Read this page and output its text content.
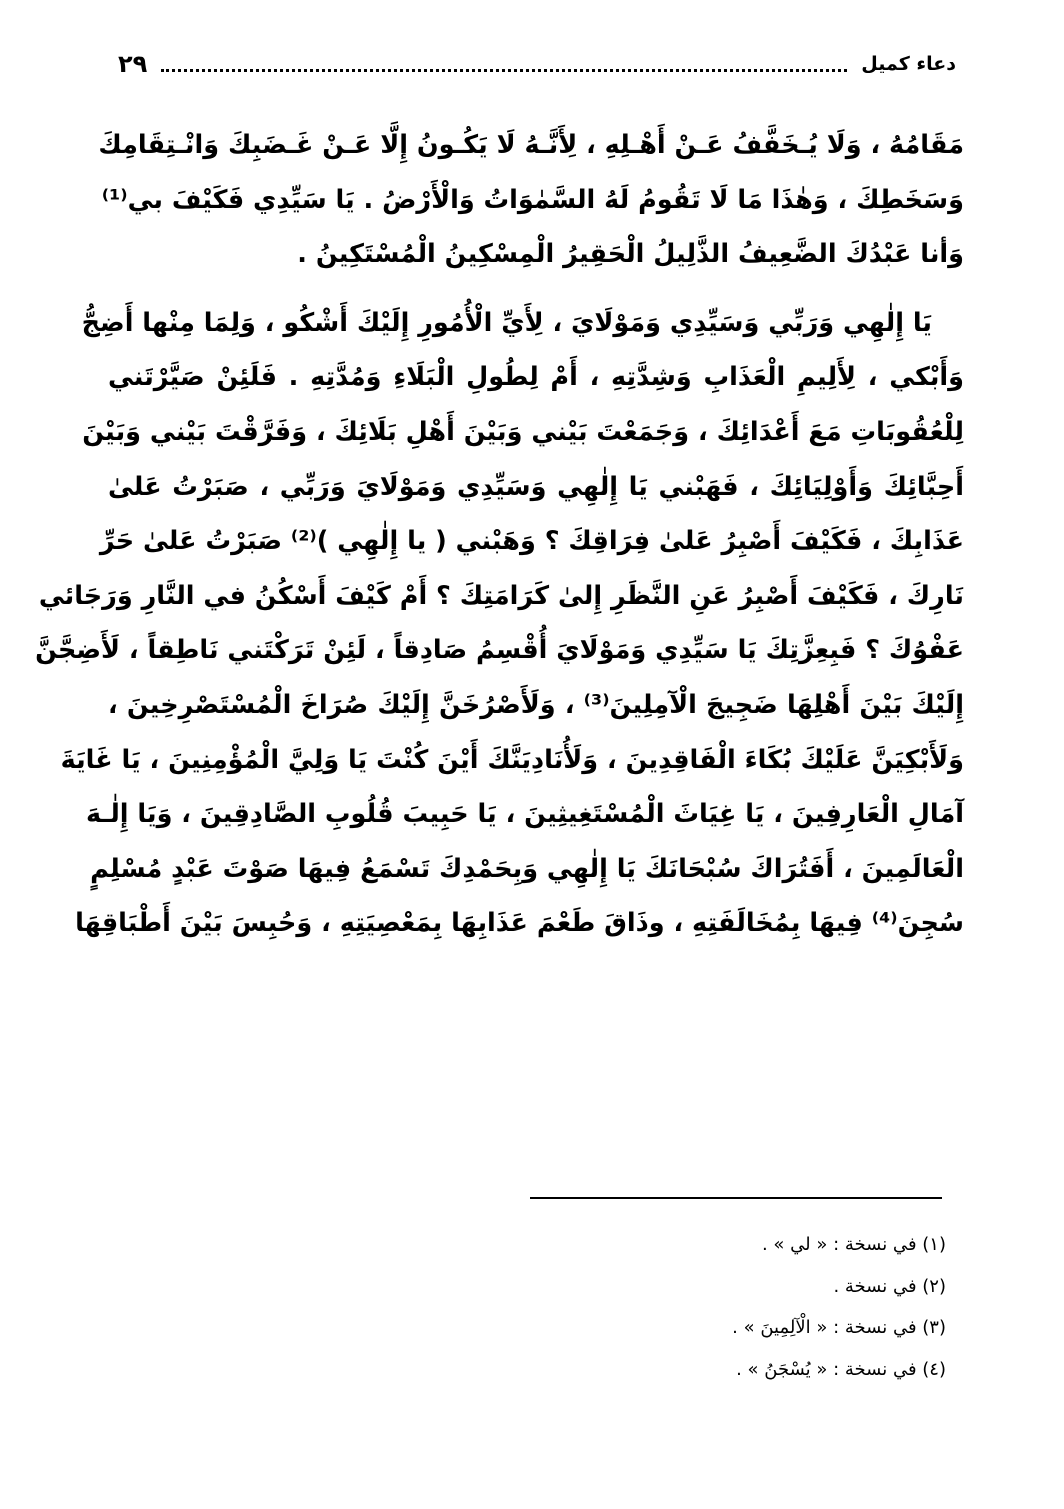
دعاء كميل
٢٩
مَقَامُهُ ، وَلَا يُـخَفَّفُ عَـنْ أَهْـلِهِ ، لِأَنَّـهُ لَا يَكُـونُ إِلَّا عَـنْ غَـضَبِكَ وَانْـتِقَامِكَ
وَسَخَطِكَ ، وَهٰذَا مَا لَا تَقُومُ لَهُ السَّمٰوَاتُ وَالْأَرْضُ . يَا سَيِّدِي فَكَيْفَ بي⁽¹⁾
وَأنا عَبْدُكَ الضَّعِيفُ الذَّلِيلُ الْحَقِيرُ الْمِسْكِينُ الْمُسْتَكِينُ .
يَا إِلٰهِي وَرَبِّي وَسَيِّدِي وَمَوْلَايَ ، لِأَيِّ الْأُمُورِ إِلَيْكَ أَشْكُو ، وَلِمَا مِنْها أَضِجُّ
وَأَبْكي ، لِأَلِيمِ الْعَذَابِ وَشِدَّتِهِ ، أَمْ لِطُولِ الْبَلَاءِ وَمُدَّتِهِ . فَلَئِنْ صَيَّرْتَني
لِلْعُقُوبَاتِ مَعَ أَعْدَائِكَ ، وَجَمَعْتَ بَيْني وَبَيْنَ أَهْلِ بَلَائِكَ ، وَفَرَّقْتَ بَيْني وَبَيْنَ
أَحِبَّائِكَ وَأَوْلِيَائِكَ ، فَهَبْني يَا إِلٰهِي وَسَيِّدِي وَمَوْلَايَ وَرَبِّي ، صَبَرْتُ عَلىٰ
عَذَابِكَ ، فَكَيْفَ أَصْبِرُ عَلىٰ فِرَاقِكَ ؟ وَهَبْني ( يا إِلٰهِي )⁽²⁾ صَبَرْتُ عَلىٰ حَرِّ
نَارِكَ ، فَكَيْفَ أَصْبِرُ عَنِ النَّظَرِ إِلىٰ كَرَامَتِكَ ؟ أَمْ كَيْفَ أَسْكُنُ في النَّارِ وَرَجَائي
عَفْوُكَ ؟ فَبِعِزَّتِكَ يَا سَيِّدِي وَمَوْلَايَ أُقْسِمُ صَادِقاً ، لَئِنْ تَرَكْتَني نَاطِقاً ، لَأَضِجَّنَّ
إِلَيْكَ بَيْنَ أَهْلِهَا ضَجِيجَ الْآمِلِينَ⁽³⁾ ، وَلَأَصْرُخَنَّ إِلَيْكَ صُرَاخَ الْمُسْتَصْرِخِينَ ،
وَلَأَبْكِيَنَّ عَلَيْكَ بُكَاءَ الْفَاقِدِينَ ، وَلَأُنَادِيَنَّكَ أَيْنَ كُنْتَ يَا وَلِيَّ الْمُؤْمِنِينَ ، يَا غَايَةَ
آمَالِ الْعَارِفِينَ ، يَا غِيَاثَ الْمُسْتَغِيثِينَ ، يَا حَبِيبَ قُلُوبِ الصَّادِقِينَ ، وَيَا إِلٰـهَ
الْعَالَمِينَ ، أَفَتُرَاكَ سُبْحَانَكَ يَا إِلٰهِي وَبِحَمْدِكَ تَسْمَعُ فِيهَا صَوْتَ عَبْدٍ مُسْلِمٍ
سُجِنَ⁽⁴⁾ فِيهَا بِمُخَالَفَتِهِ ، وذَاقَ طَعْمَ عَذَابِهَا بِمَعْصِيَتِهِ ، وَحُبِسَ بَيْنَ أَطْبَاقِهَا
(١) في نسخة : « لي » .
(٢) في نسخة .
(٣) في نسخة : « الْآلِمِينَ » .
(٤) في نسخة : « يُسْجَنُ » .
